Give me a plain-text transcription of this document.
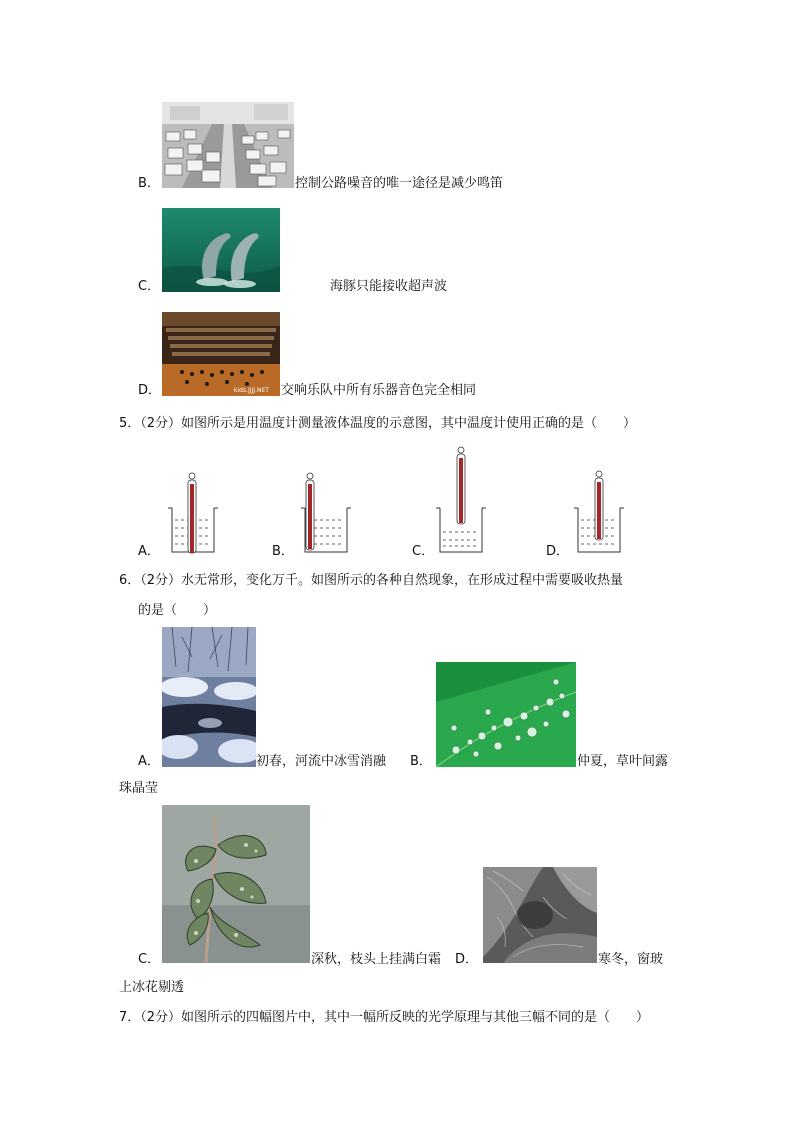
B．	控制公路噪音的唯一途径是减少鸣笛
C．	海豚只能接收超声波
kids.JJJJ.NET
D．	交响乐队中所有乐器音色完全相同
5．（2分）如图所示是用温度计测量液体温度的示意图，其中温度计使用正确的是（　　）
A．	B．	C．	D．
6．（2分）水无常形，变化万千。如图所示的各种自然现象，在形成过程中需要吸收热量
的是（　　）
A．	初春，河流中冰雪消融 B．	仲夏，草叶间露
珠晶莹
C．	深秋，枝头上挂满白霜 D．	寒冬，窗玻
上冰花剔透
7．（2分）如图所示的四幅图片中，其中一幅所反映的光学原理与其他三幅不同的是（　　）
